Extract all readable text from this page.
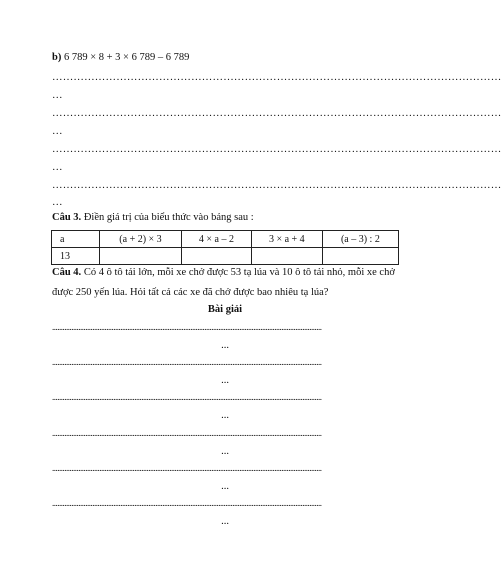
b) 6 789 × 8 + 3 × 6 789 – 6 789
………………………………………………………………………………………………………………
…
………………………………………………………………………………………………………………
…
………………………………………………………………………………………………………………
…
………………………………………………………………………………………………………………
…
Câu 3. Điền giá trị của biểu thức vào bảng sau :
a	(a + 2) × 3	4 × a – 2	3 × a + 4	(a – 3) : 2
13				
Câu 4. Có 4 ô tô tải lớn, mỗi xe chở được 53 tạ lúa và 10 ô tô tải nhỏ, mỗi xe chở
được 250 yến lúa. Hỏi tất cả các xe đã chở được bao nhiêu tạ lúa?
Bài giải
..........................................................................................................................................................
...
..........................................................................................................................................................
...
..........................................................................................................................................................
...
..........................................................................................................................................................
...
..........................................................................................................................................................
...
..........................................................................................................................................................
...
